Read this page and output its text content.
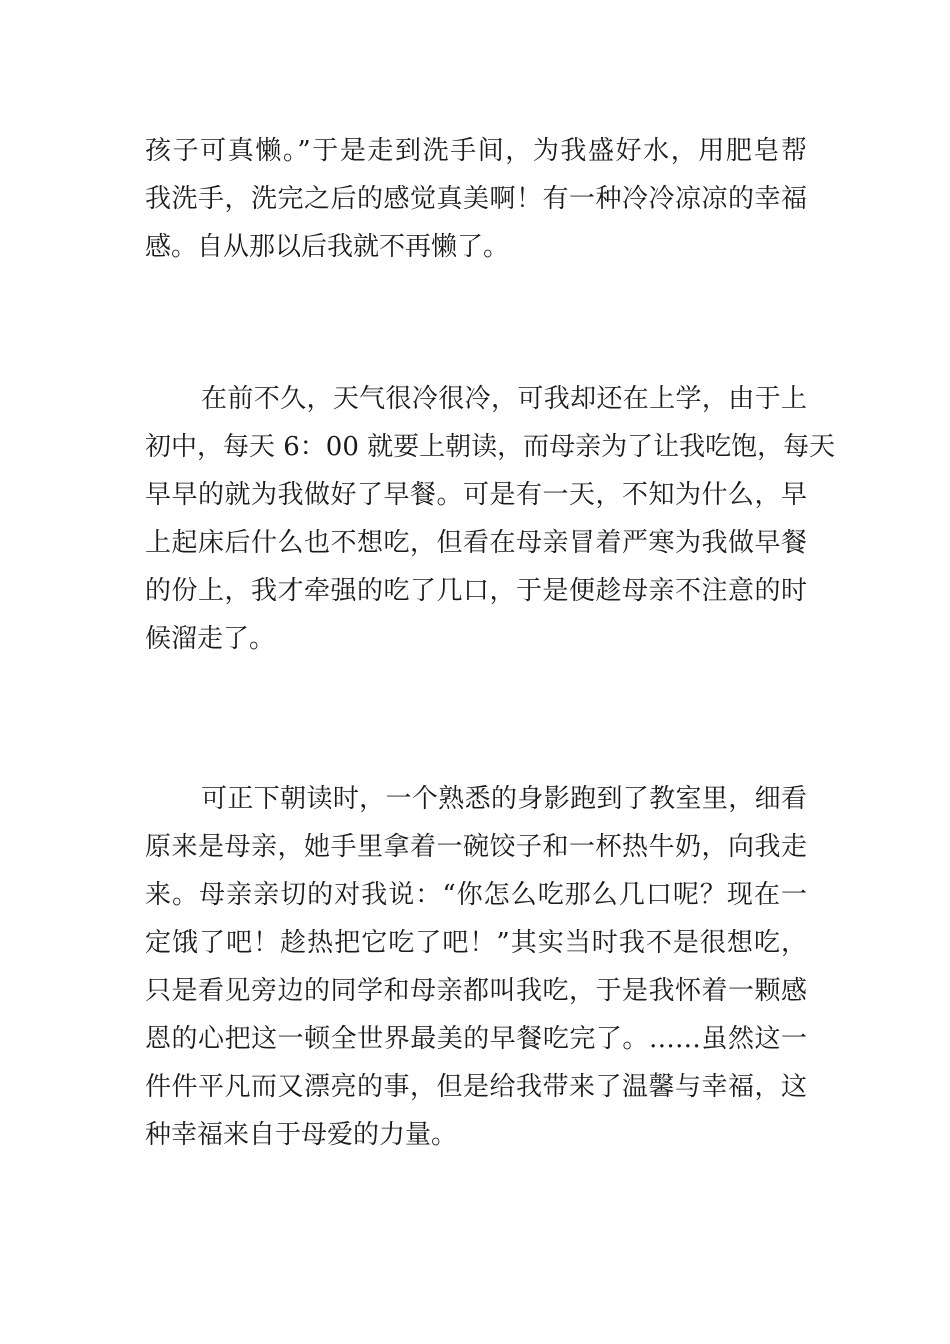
孩子可真懒。”于是走到洗手间，为我盛好水，用肥皂帮
我洗手，洗完之后的感觉真美啊！有一种冷冷凉凉的幸福
感。自从那以后我就不再懒了。
在前不久，天气很冷很冷，可我却还在上学，由于上
初中，每天 6：00 就要上朝读，而母亲为了让我吃饱，每天
早早的就为我做好了早餐。可是有一天，不知为什么，早
上起床后什么也不想吃，但看在母亲冒着严寒为我做早餐
的份上，我才牵强的吃了几口，于是便趁母亲不注意的时
候溜走了。
可正下朝读时，一个熟悉的身影跑到了教室里，细看
原来是母亲，她手里拿着一碗饺子和一杯热牛奶，向我走
来。母亲亲切的对我说：“你怎么吃那么几口呢？现在一
定饿了吧！趁热把它吃了吧！”其实当时我不是很想吃，
只是看见旁边的同学和母亲都叫我吃，于是我怀着一颗感
恩的心把这一顿全世界最美的早餐吃完了。……虽然这一
件件平凡而又漂亮的事，但是给我带来了温馨与幸福，这
种幸福来自于母爱的力量。
